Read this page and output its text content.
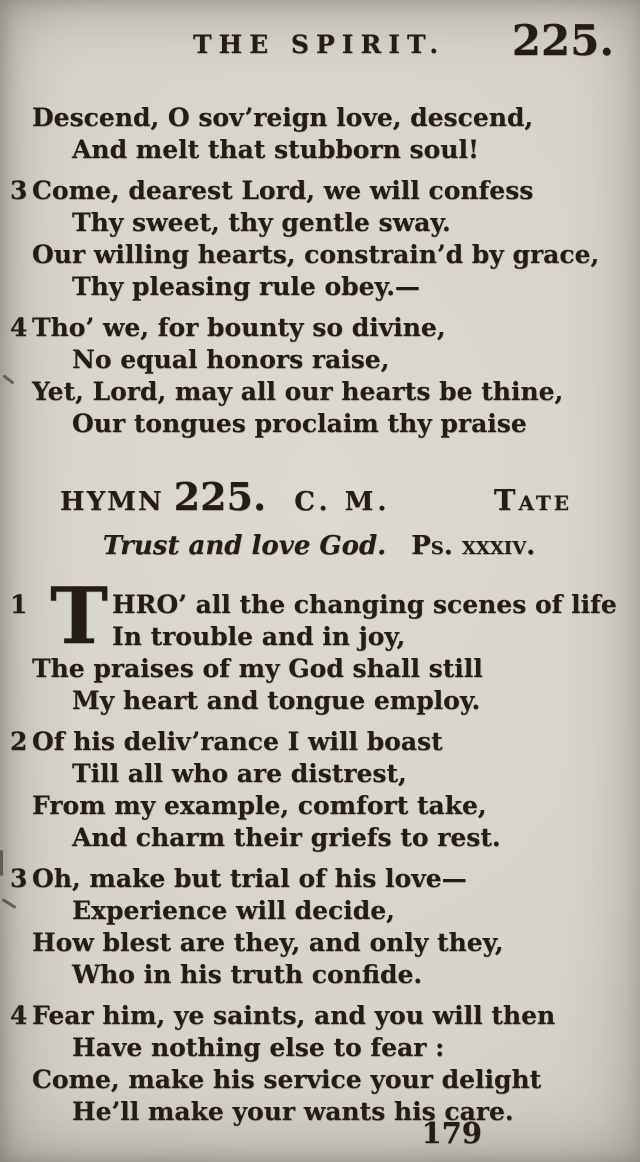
THE SPIRIT.	225.
Descend, O sov’reign love, descend,
And melt that stubborn soul!
3 Come, dearest Lord, we will confess
Thy sweet, thy gentle sway.
Our willing hearts, constrain’d by grace,
Thy pleasing rule obey.—
4 Tho’ we, for bounty so divine,
No equal honors raise,
Yet, Lord, may all our hearts be thine,
Our tongues proclaim thy praise
HYMN 225. C. M.	Tate
Trust and love God. Ps. xxxiv.
T
1	HRO’ all the changing scenes of life
In trouble and in joy,
The praises of my God shall still
My heart and tongue employ.
2 Of his deliv’rance I will boast
Till all who are distrest,
From my example, comfort take,
And charm their griefs to rest.
3 Oh, make but trial of his love—
Experience will decide,
How blest are they, and only they,
Who in his truth confide.
4 Fear him, ye saints, and you will then
Have nothing else to fear :
Come, make his service your delight
He’ll make your wants his care.
179
